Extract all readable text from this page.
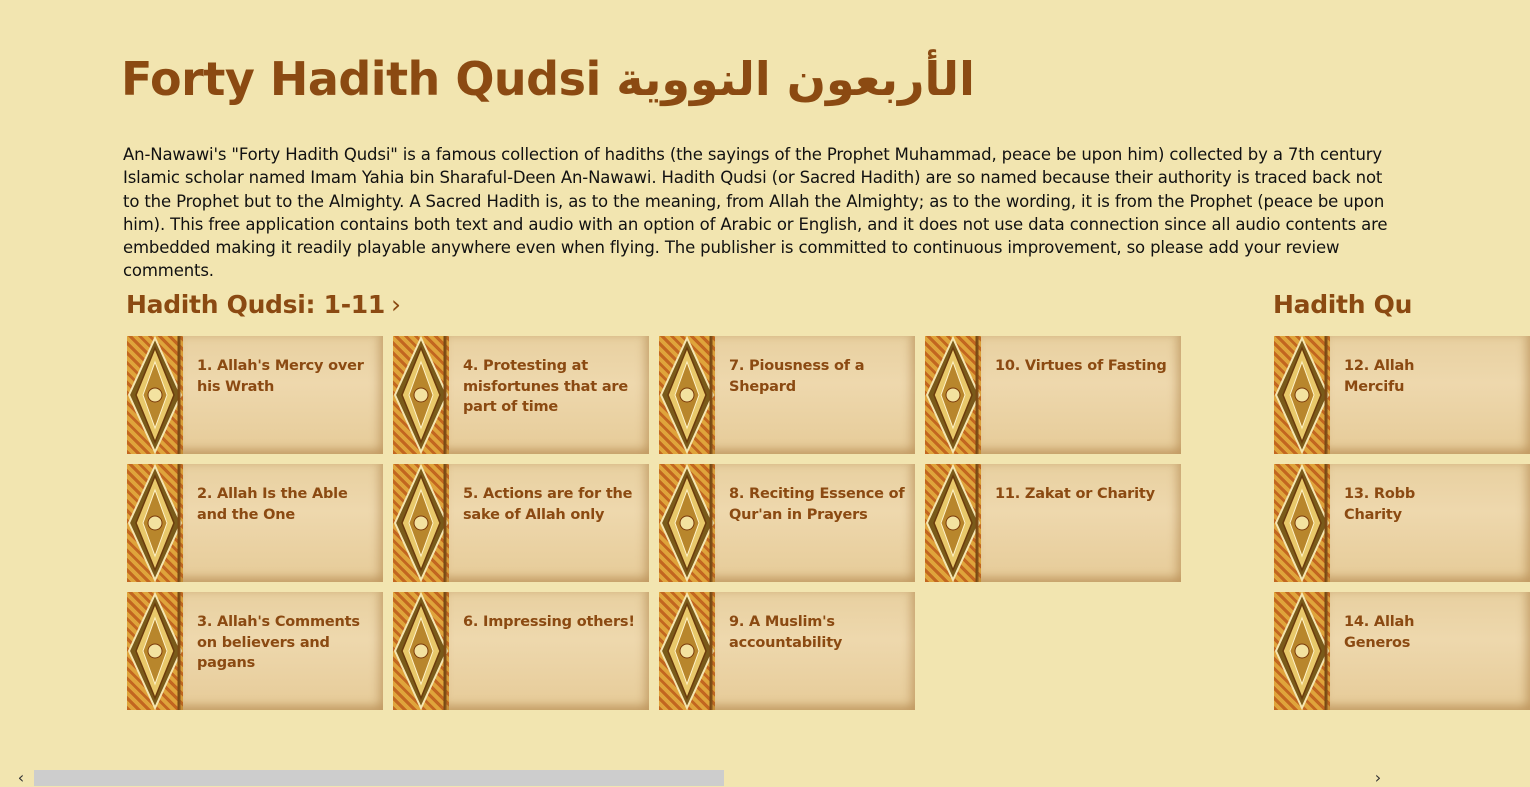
Forty Hadith Qudsi الأربعون النووية

An-Nawawi's "Forty Hadith Qudsi" is a famous collection of hadiths (the sayings of the Prophet Muhammad, peace be upon him) collected by a 7th century Islamic scholar named Imam Yahia bin Sharaful-Deen An-Nawawi. Hadith Qudsi (or Sacred Hadith) are so named because their authority is traced back not to the Prophet but to the Almighty. A Sacred Hadith is, as to the meaning, from Allah the Almighty; as to the wording, it is from the Prophet (peace be upon him). This free application contains both text and audio with an option of Arabic or English, and it does not use data connection since all audio contents are embedded making it readily playable anywhere even when flying. The publisher is committed to continuous improvement, so please add your review comments.

Hadith Qudsi: 1-11 ›
1. Allah's Mercy over his Wrath
2. Allah Is the Able and the One
3. Allah's Comments on believers and pagans
4. Protesting at misfortunes that are part of time
5. Actions are for the sake of Allah only
6. Impressing others!
7. Piousness of a Shepard
8. Reciting Essence of Qur'an in Prayers
9. A Muslim's accountability
10. Virtues of Fasting
11. Zakat or Charity
Hadith Qu
12. Allah
Mercifu
13. Robb
Charity
14. Allah
Generos
‹	›
